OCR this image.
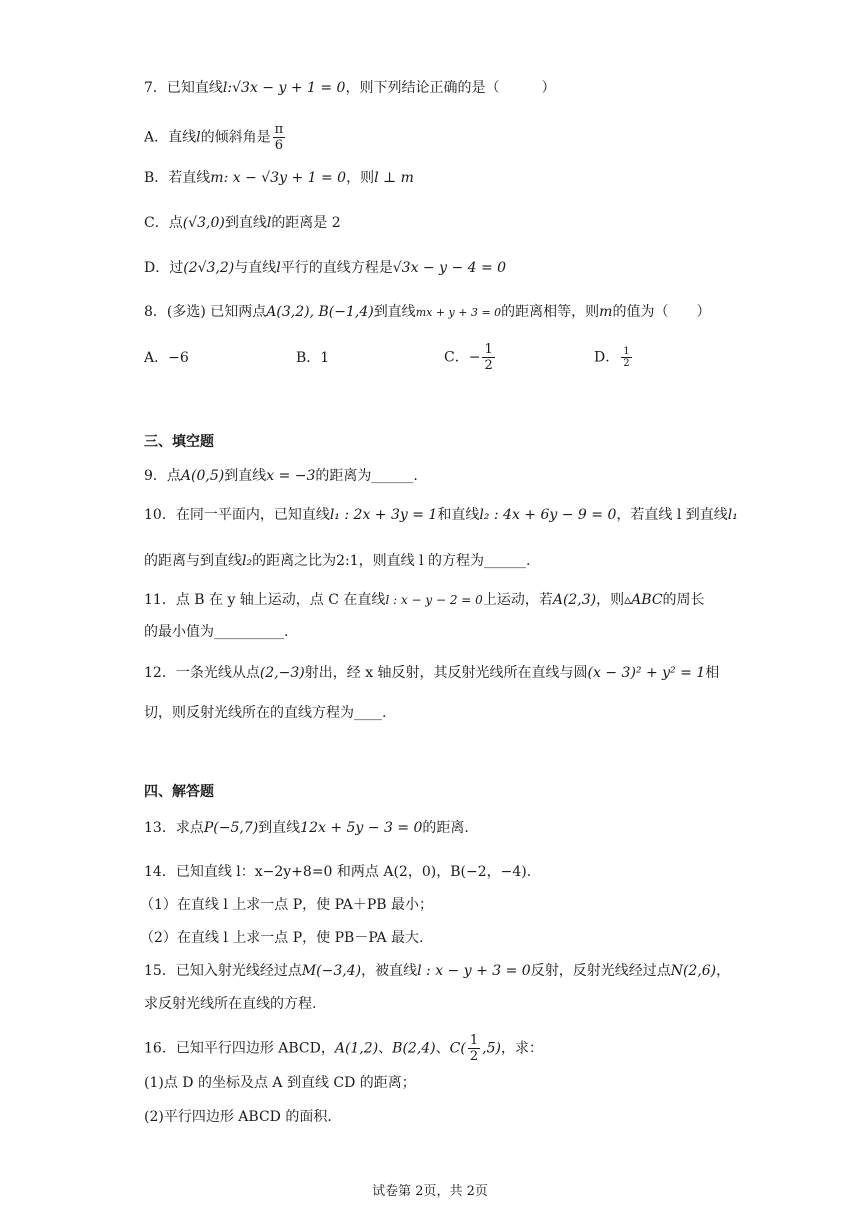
7．已知直线l:√3x − y + 1 = 0，则下列结论正确的是（　　　）
A．直线l的倾斜角是 $\frac{\pi}{6}$
B．若直线m: x − √3y + 1 = 0，则l ⊥ m
C．点(√3,0)到直线l的距离是 2
D．过(2√3,2)与直线l平行的直线方程是√3x − y − 4 = 0
8．(多选) 已知两点A(3,2), B(−1,4)到直线mx + y + 3 = 0的距离相等，则m的值为（　　）
A．−6	B．1	C．− $\frac{1}{2}$	D． $\frac{1}{2}$
三、填空题
9．点A(0,5)到直线x = −3的距离为______.
10．在同一平面内，已知直线l₁ : 2x + 3y = 1和直线l₂ : 4x + 6y − 9 = 0，若直线 l 到直线l₁
的距离与到直线l₂的距离之比为2:1，则直线 l 的方程为______.
11．点 B 在 y 轴上运动，点 C 在直线l : x − y − 2 = 0上运动，若A(2,3)，则▵ABC的周长
的最小值为__________.
12．一条光线从点(2,−3)射出，经 x 轴反射，其反射光线所在直线与圆(x − 3)² + y² = 1相
切，则反射光线所在的直线方程为____.
四、解答题
13．求点P(−5,7)到直线12x + 5y − 3 = 0的距离.
14．已知直线 l：x−2y+8=0 和两点 A(2，0)，B(−2，−4).
（1）在直线 l 上求一点 P，使 PA＋PB 最小；
（2）在直线 l 上求一点 P，使 PB－PA 最大.
15．已知入射光线经过点M(−3,4)，被直线l : x − y + 3 = 0反射，反射光线经过点N(2,6)，
求反射光线所在直线的方程.
16．已知平行四边形 ABCD，A(1,2)、B(2,4)、$C( \frac{1}{2} ,5)$，求：
(1)点 D 的坐标及点 A 到直线 CD 的距离；
(2)平行四边形 ABCD 的面积.
试卷第 2页，共 2页
